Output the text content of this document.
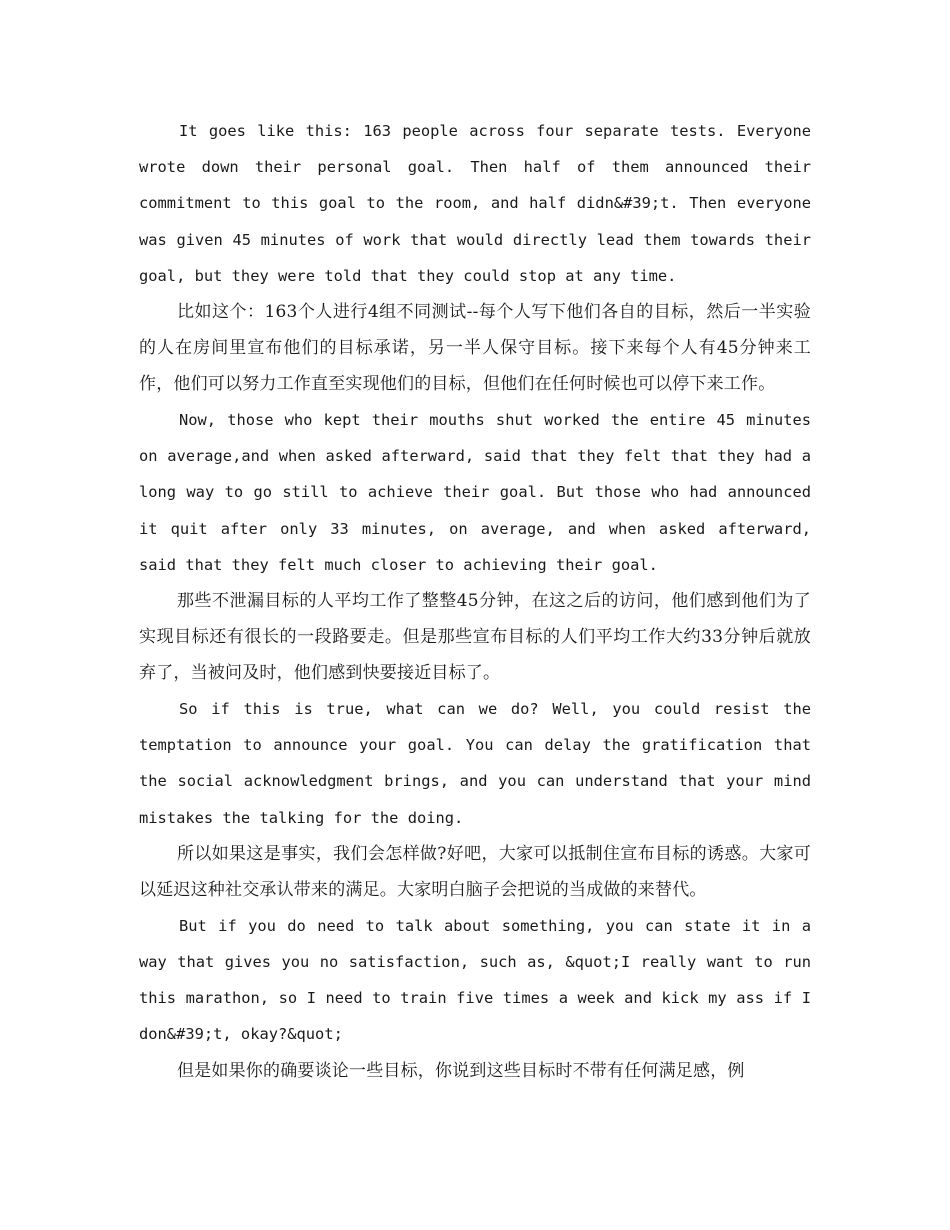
It goes like this: 163 people across four separate tests. Everyone wrote down their personal goal. Then half of them announced their commitment to this goal to the room, and half didn&#39;t. Then everyone was given 45 minutes of work that would directly lead them towards their goal, but they were told that they could stop at any time.

比如这个：163个人进行4组不同测试--每个人写下他们各自的目标，然后一半实验的人在房间里宣布他们的目标承诺，另一半人保守目标。接下来每个人有45分钟来工作，他们可以努力工作直至实现他们的目标，但他们在任何时候也可以停下来工作。

Now, those who kept their mouths shut worked the entire 45 minutes on average,and when asked afterward, said that they felt that they had a long way to go still to achieve their goal. But those who had announced it quit after only 33 minutes, on average, and when asked afterward, said that they felt much closer to achieving their goal.

那些不泄漏目标的人平均工作了整整45分钟，在这之后的访问，他们感到他们为了实现目标还有很长的一段路要走。但是那些宣布目标的人们平均工作大约33分钟后就放弃了，当被问及时，他们感到快要接近目标了。

So if this is true, what can we do? Well, you could resist the temptation to announce your goal. You can delay the gratification that the social acknowledgment brings, and you can understand that your mind mistakes the talking for the doing.

所以如果这是事实，我们会怎样做?好吧，大家可以抵制住宣布目标的诱惑。大家可以延迟这种社交承认带来的满足。大家明白脑子会把说的当成做的来替代。

But if you do need to talk about something, you can state it in a way that gives you no satisfaction, such as, &quot;I really want to run this marathon, so I need to train five times a week and kick my ass if I don&#39;t, okay?&quot;

但是如果你的确要谈论一些目标，你说到这些目标时不带有任何满足感，例
